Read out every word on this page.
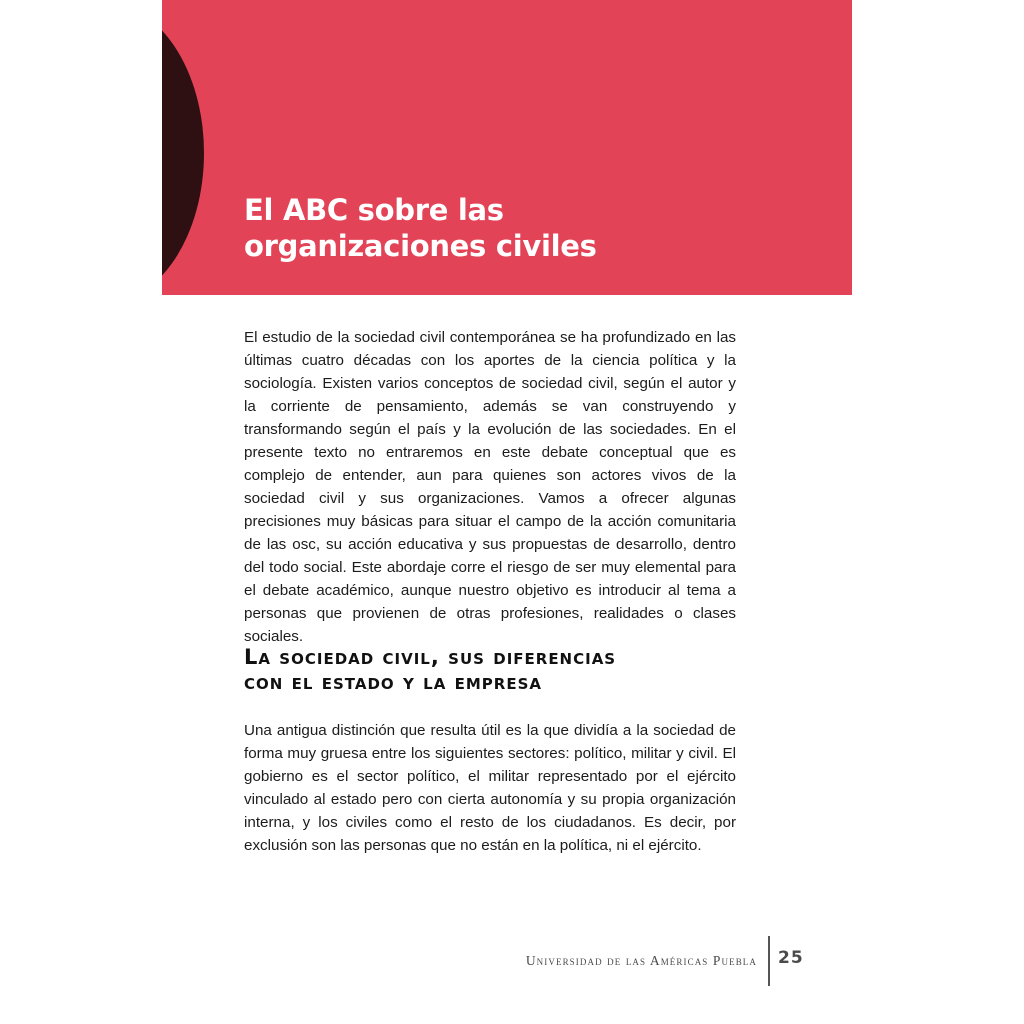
El ABC sobre las
organizaciones civiles

El estudio de la sociedad civil contemporánea se ha profundizado en las últimas cuatro décadas con los aportes de la ciencia política y la sociología. Existen varios conceptos de sociedad civil, según el autor y la corriente de pensamiento, además se van construyendo y transformando según el país y la evolución de las sociedades. En el presente texto no entraremos en este debate conceptual que es complejo de entender, aun para quienes son actores vivos de la sociedad civil y sus organizaciones. Vamos a ofrecer algunas precisiones muy básicas para situar el campo de la acción comunitaria de las osc, su acción educativa y sus propuestas de desarrollo, dentro del todo social. Este abordaje corre el riesgo de ser muy elemental para el debate académico, aunque nuestro objetivo es introducir al tema a personas que provienen de otras profesiones, realidades o clases sociales.

La sociedad civil, sus diferencias
con el estado y la empresa

Una antigua distinción que resulta útil es la que dividía a la sociedad de forma muy gruesa entre los siguientes sectores: político, militar y civil. El gobierno es el sector político, el militar representado por el ejército vinculado al estado pero con cierta autonomía y su propia organización interna, y los civiles como el resto de los ciudadanos. Es decir, por exclusión son las personas que no están en la política, ni el ejército.

Universidad de las Américas Puebla 25
